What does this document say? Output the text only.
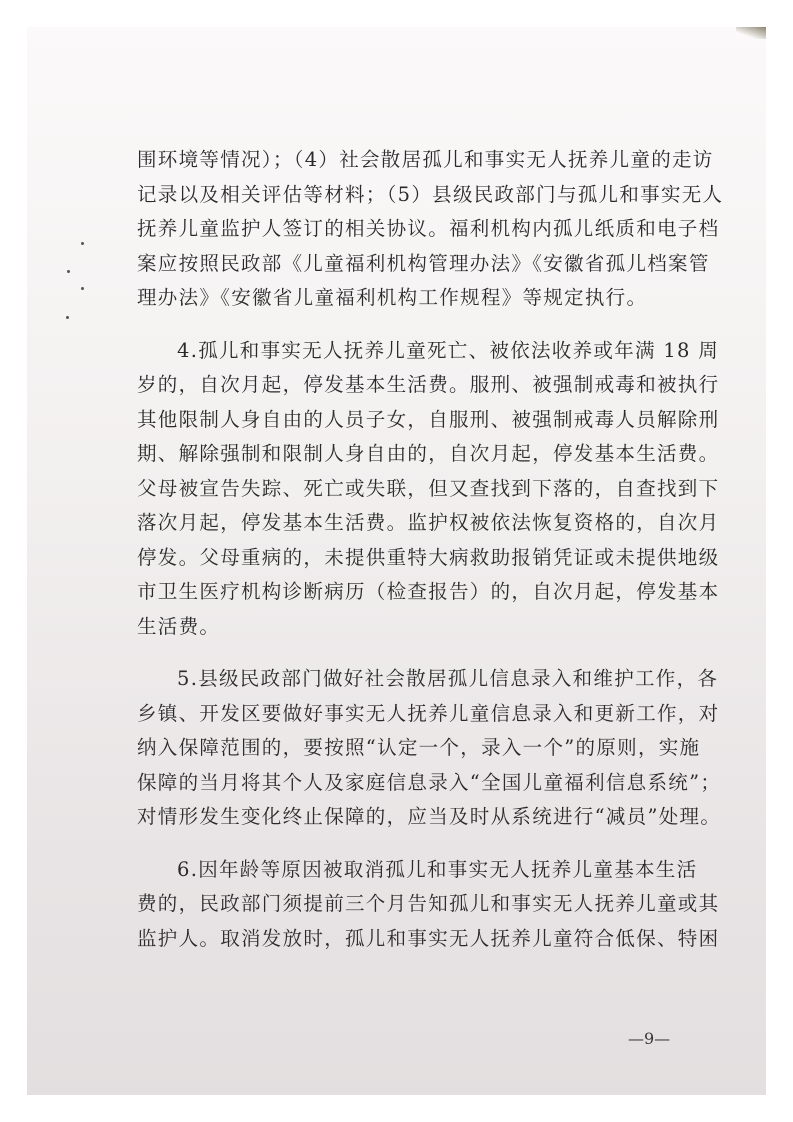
围环境等情况）；（4）社会散居孤儿和事实无人抚养儿童的走访
记录以及相关评估等材料；（5）县级民政部门与孤儿和事实无人
抚养儿童监护人签订的相关协议。福利机构内孤儿纸质和电子档
案应按照民政部《儿童福利机构管理办法》《安徽省孤儿档案管
理办法》《安徽省儿童福利机构工作规程》等规定执行。
4.孤儿和事实无人抚养儿童死亡、被依法收养或年满 18 周
岁的，自次月起，停发基本生活费。服刑、被强制戒毒和被执行
其他限制人身自由的人员子女，自服刑、被强制戒毒人员解除刑
期、解除强制和限制人身自由的，自次月起，停发基本生活费。
父母被宣告失踪、死亡或失联，但又查找到下落的，自查找到下
落次月起，停发基本生活费。监护权被依法恢复资格的，自次月
停发。父母重病的，未提供重特大病救助报销凭证或未提供地级
市卫生医疗机构诊断病历（检查报告）的，自次月起，停发基本
生活费。
5.县级民政部门做好社会散居孤儿信息录入和维护工作，各
乡镇、开发区要做好事实无人抚养儿童信息录入和更新工作，对
纳入保障范围的，要按照“认定一个，录入一个”的原则，实施
保障的当月将其个人及家庭信息录入“全国儿童福利信息系统”；
对情形发生变化终止保障的，应当及时从系统进行“减员”处理。
6.因年龄等原因被取消孤儿和事实无人抚养儿童基本生活
费的，民政部门须提前三个月告知孤儿和事实无人抚养儿童或其
监护人。取消发放时，孤儿和事实无人抚养儿童符合低保、特困
—9—
